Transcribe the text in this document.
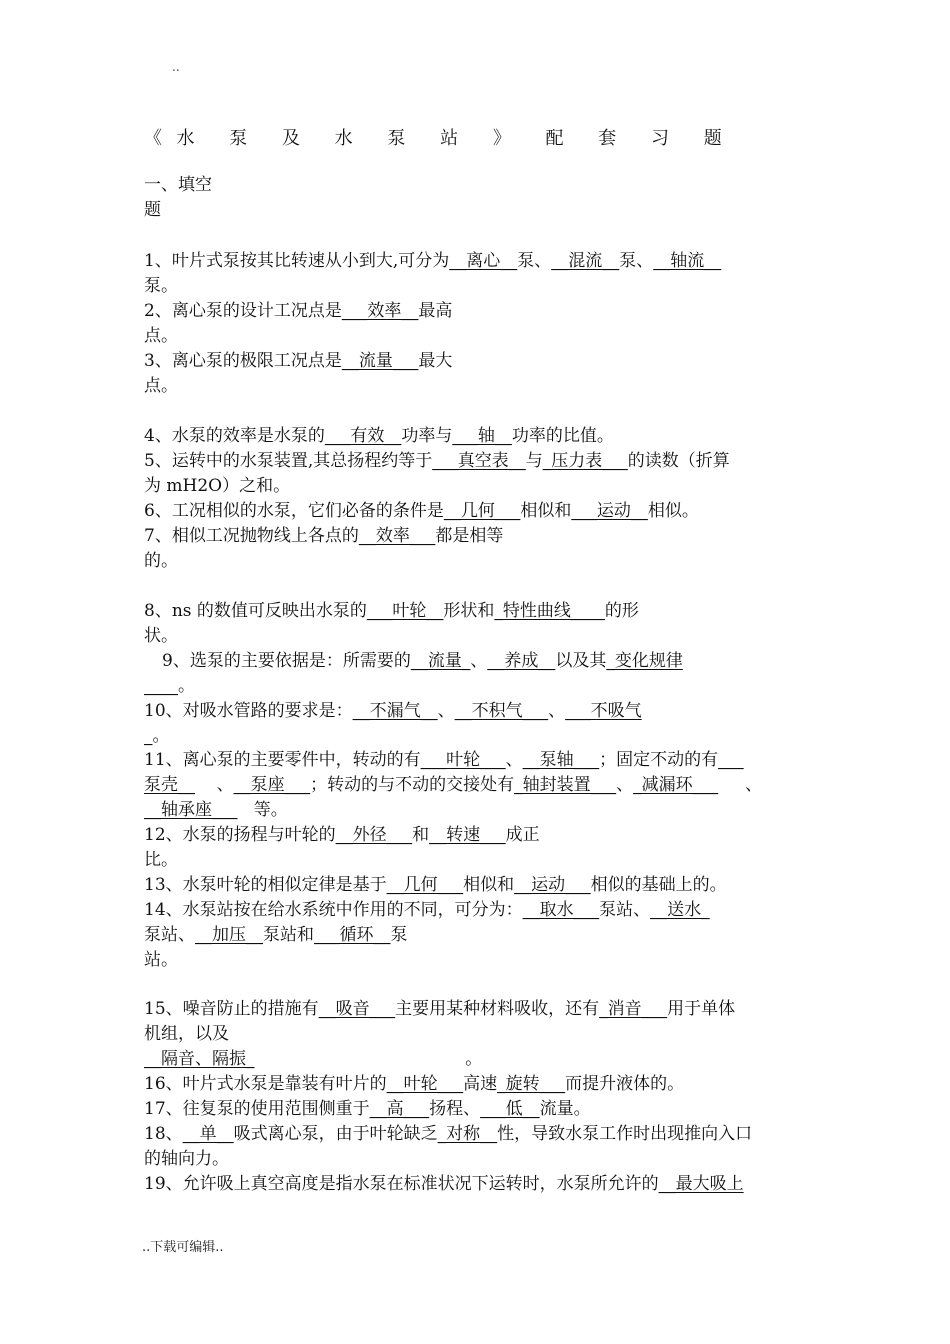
..
《水 泵 及 水 泵 站 》 配 套 习 题
一、填空
题
1、叶片式泵按其比转速从小到大,可分为__离心__泵、__混流__泵、__轴流__
泵。
2、离心泵的设计工况点是___效率__最高
点。
3、离心泵的极限工况点是__流量___最大
点。
4、水泵的效率是水泵的___有效__功率与___轴__功率的比值。
5、运转中的水泵装置,其总扬程约等于___真空表__与_压力表___的读数（折算
为 mH2O）之和。
6、工况相似的水泵，它们必备的条件是__几何___相似和___运动__相似。
7、相似工况抛物线上各点的__效率___都是相等
的。
8、ns 的数值可反映出水泵的___叶轮__形状和_特性曲线____的形
状。
9、选泵的主要依据是：所需要的__流量_、__养成__以及其_变化规律
____。
10、对吸水管路的要求是：__不漏气__、__不积气___、___不吸气
_。
11、离心泵的主要零件中，转动的有___叶轮___、__泵轴___；固定不动的有___
泵壳__ 、__泵座___；转动的与不动的交接处有_轴封装置___、_减漏环___ 、
__轴承座___ 等。
12、水泵的扬程与叶轮的__外径___和__转速___成正
比。
13、水泵叶轮的相似定律是基于__几何___相似和__运动___相似的基础上的。
14、水泵站按在给水系统中作用的不同，可分为：__取水___泵站、__送水_
泵站、__加压__泵站和___循环__泵
站。
15、噪音防止的措施有__吸音___主要用某种材料吸收，还有_消音___用于单体
机组，以及
__隔音、隔振_	。
16、叶片式水泵是靠装有叶片的__叶轮___高速_旋转___而提升液体的。
17、往复泵的使用范围侧重于__高___扬程、___低__流量。
18、__单__吸式离心泵，由于叶轮缺乏_对称__性，导致水泵工作时出现推向入口
的轴向力。
19、允许吸上真空高度是指水泵在标准状况下运转时，水泵所允许的__最大吸上
..下载可编辑..
